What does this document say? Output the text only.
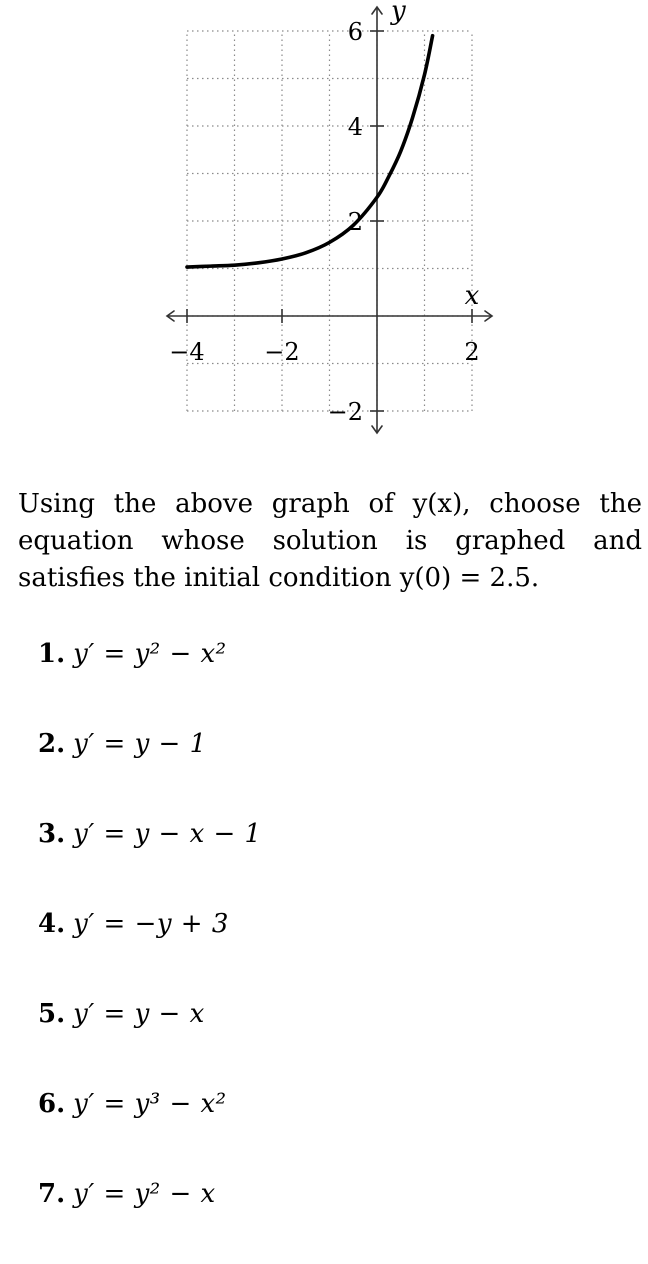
−4 −2	2
6
4
2
−2
x
y

Using the above graph of y(x), choose the equation whose solution is graphed and satisfies the initial condition y(0) = 2.5.

1. y′ = y² − x²
2. y′ = y − 1
3. y′ = y − x − 1
4. y′ = −y + 3
5. y′ = y − x
6. y′ = y³ − x²
7. y′ = y² − x
